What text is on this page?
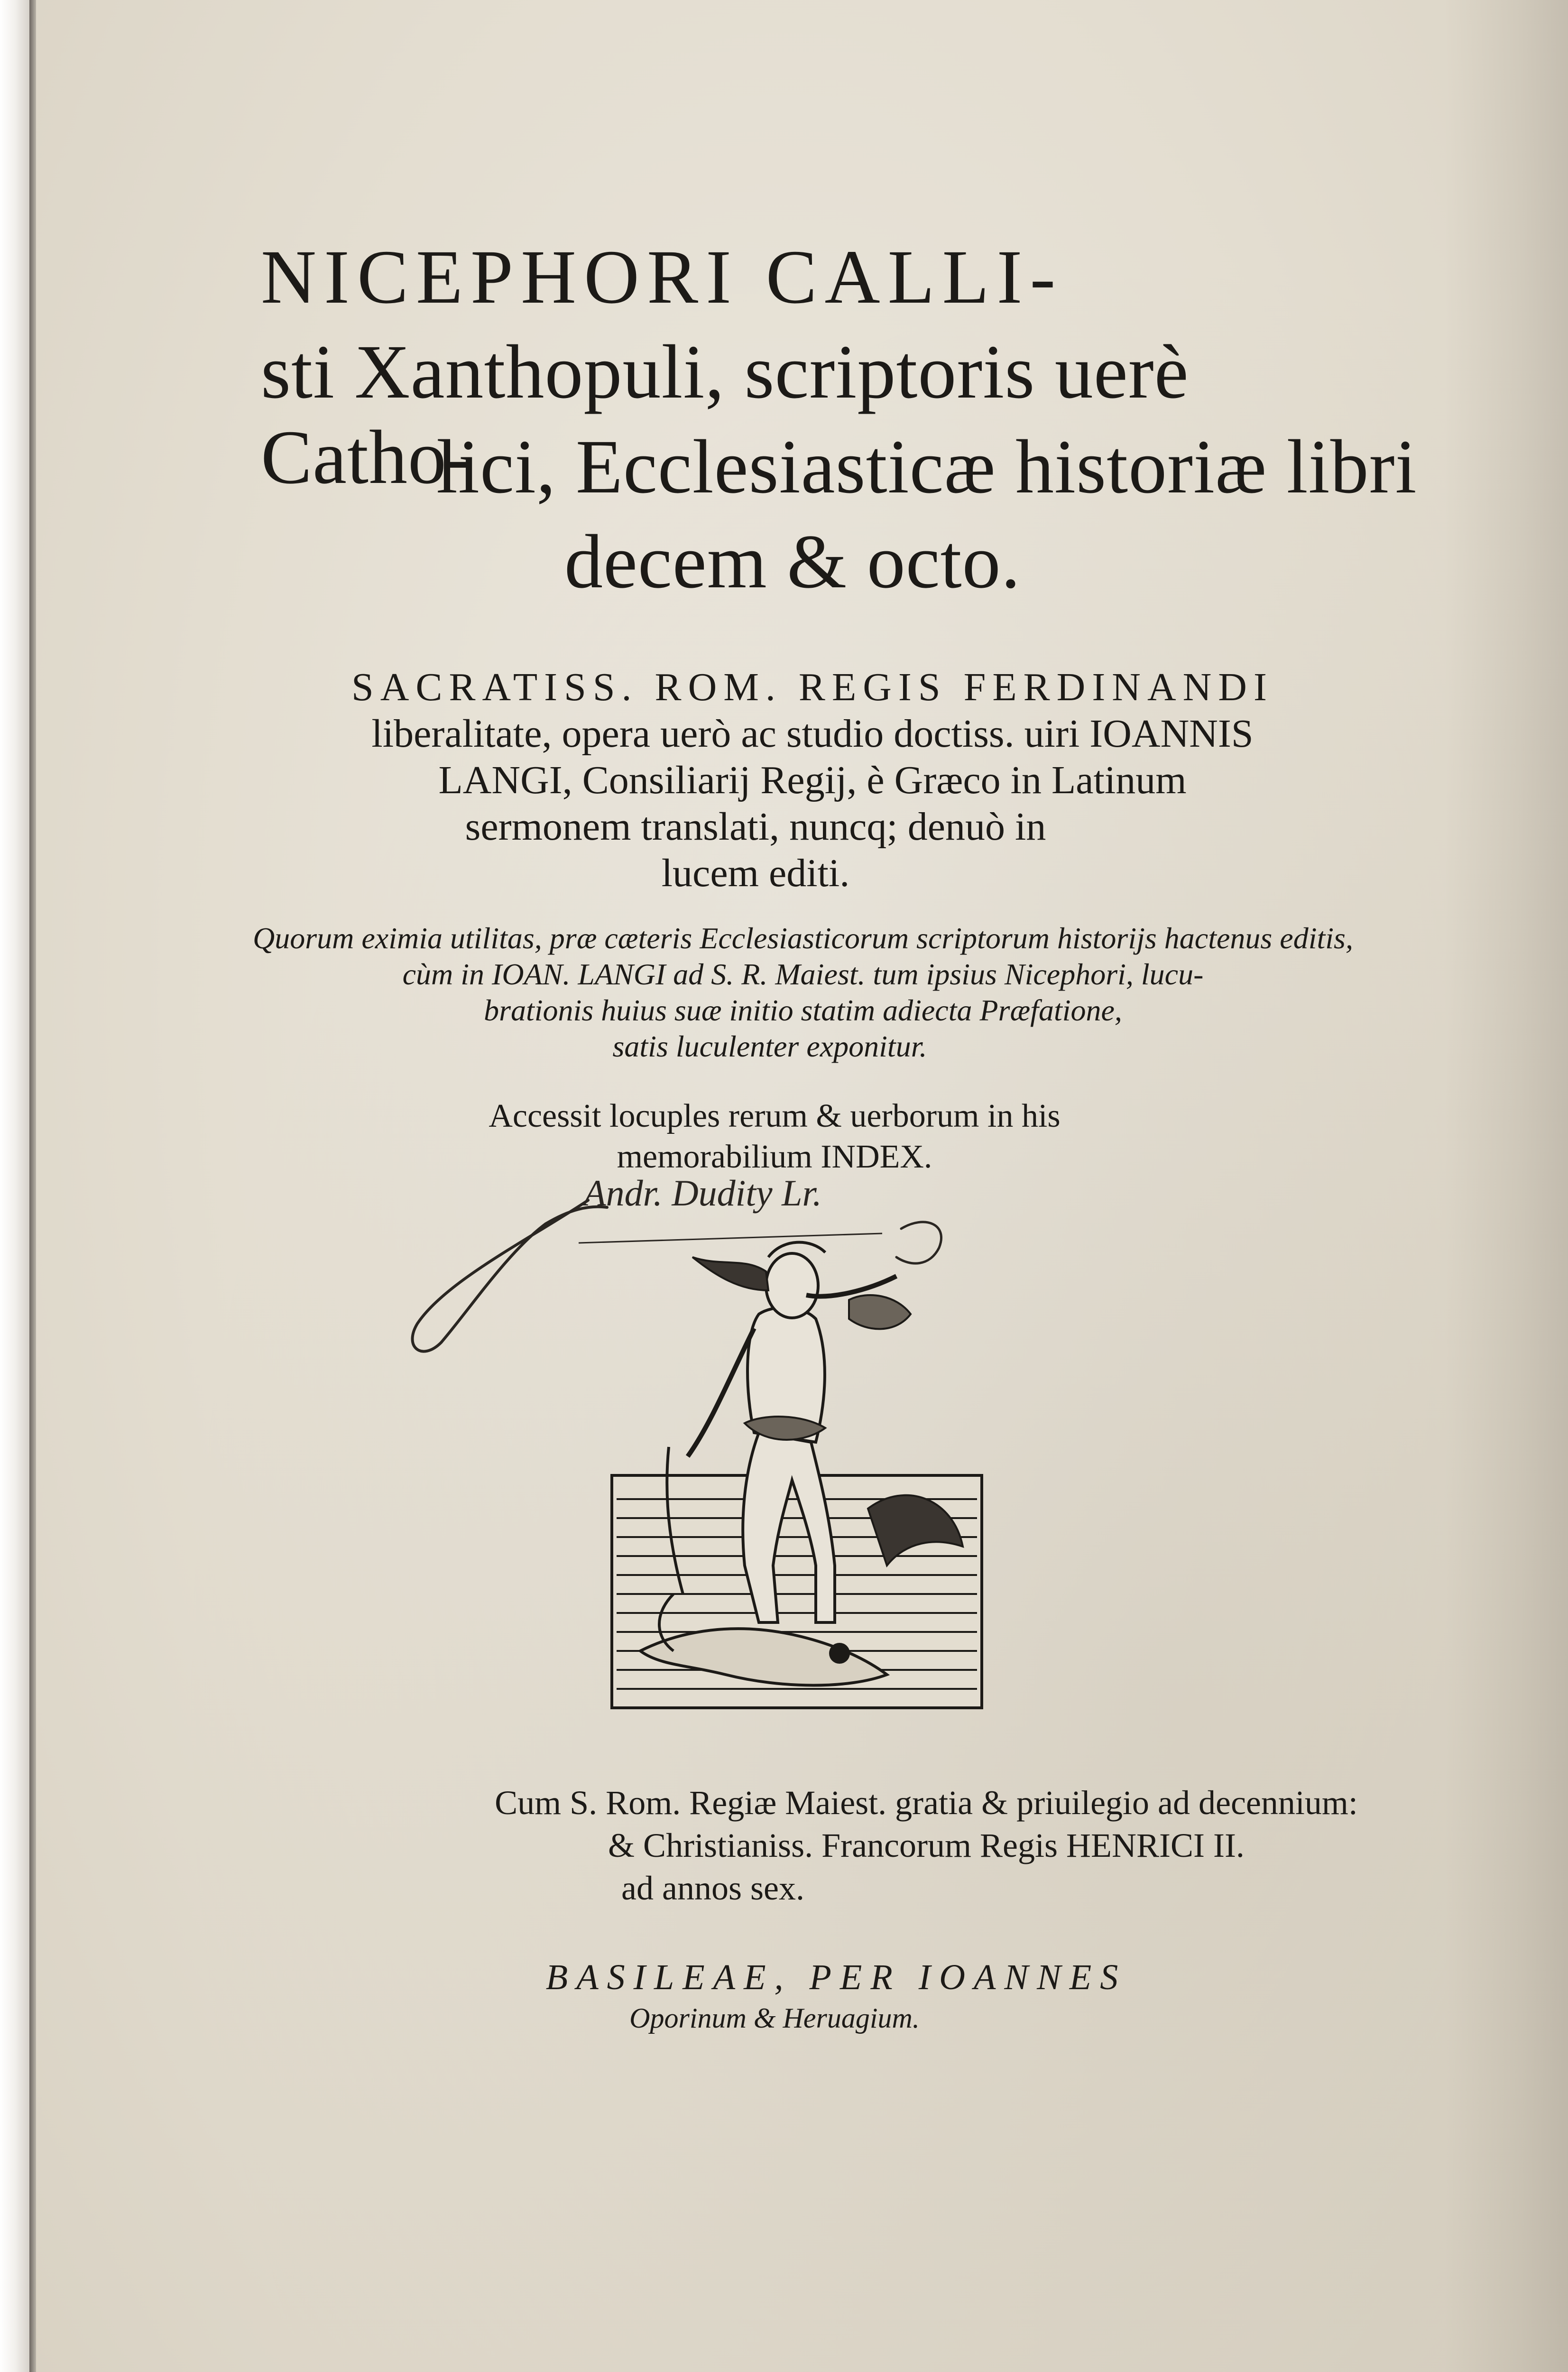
NICEPHORI CALLI-
sti Xanthopuli, scriptoris uerè Catho-
lici, Ecclesiasticæ historiæ libri
decem & octo.
SACRATISS. ROM. REGIS FERDINANDI
liberalitate, opera uerò ac studio doctiss. uiri IOANNIS
LANGI, Consiliarij Regij, è Græco in Latinum
sermonem translati, nuncq; denuò in
lucem editi.
Quorum eximia utilitas, præ cæteris Ecclesiasticorum scriptorum historijs hactenus editis,
cùm in IOAN. LANGI ad S. R. Maiest. tum ipsius Nicephori, lucu-
brationis huius suæ initio statim adiecta Præfatione,
satis luculenter exponitur.
Accessit locuples rerum & uerborum in his
memorabilium INDEX.
Andr. Dudity Lr.
Cum S. Rom. Regiæ Maiest. gratia & priuilegio ad decennium:
& Christianiss. Francorum Regis HENRICI II.
ad annos sex.
BASILEAE, PER IOANNES
Oporinum & Heruagium.
